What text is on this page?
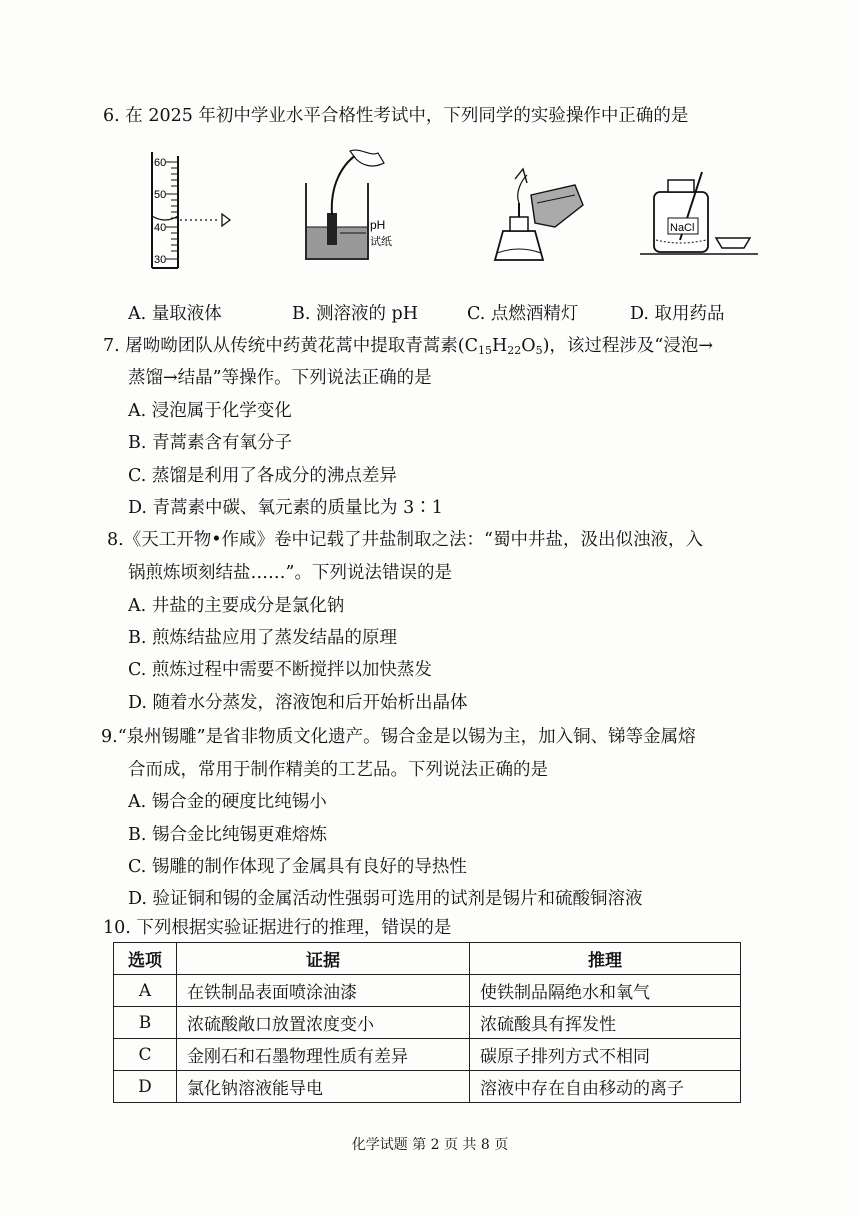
6. 在 2025 年初中学业水平合格性考试中，下列同学的实验操作中正确的是
60
50
40
30
pH
试纸
NaCl
A. 量取液体	B. 测溶液的 pH	C. 点燃酒精灯	D. 取用药品
7. 屠呦呦团队从传统中药黄花蒿中提取青蒿素$(C_{15}H_{22}O_5)$，该过程涉及“浸泡→
蒸馏→结晶”等操作。下列说法正确的是
A. 浸泡属于化学变化
B. 青蒿素含有氧分子
C. 蒸馏是利用了各成分的沸点差异
D. 青蒿素中碳、氧元素的质量比为 3∶1
8.《天工开物•作咸》卷中记载了井盐制取之法：“蜀中井盐，汲出似浊液，入
锅煎炼顷刻结盐……”。下列说法错误的是
A. 井盐的主要成分是氯化钠
B. 煎炼结盐应用了蒸发结晶的原理
C. 煎炼过程中需要不断搅拌以加快蒸发
D. 随着水分蒸发，溶液饱和后开始析出晶体
9.“泉州锡雕”是省非物质文化遗产。锡合金是以锡为主，加入铜、锑等金属熔
合而成，常用于制作精美的工艺品。下列说法正确的是
A. 锡合金的硬度比纯锡小
B. 锡合金比纯锡更难熔炼
C. 锡雕的制作体现了金属具有良好的导热性
D. 验证铜和锡的金属活动性强弱可选用的试剂是锡片和硫酸铜溶液
10. 下列根据实验证据进行的推理，错误的是
选项	证据	推理
A	在铁制品表面喷涂油漆	使铁制品隔绝水和氧气
B	浓硫酸敞口放置浓度变小	浓硫酸具有挥发性
C	金刚石和石墨物理性质有差异	碳原子排列方式不相同
D	氯化钠溶液能导电	溶液中存在自由移动的离子
化学试题 第 2 页 共 8 页
